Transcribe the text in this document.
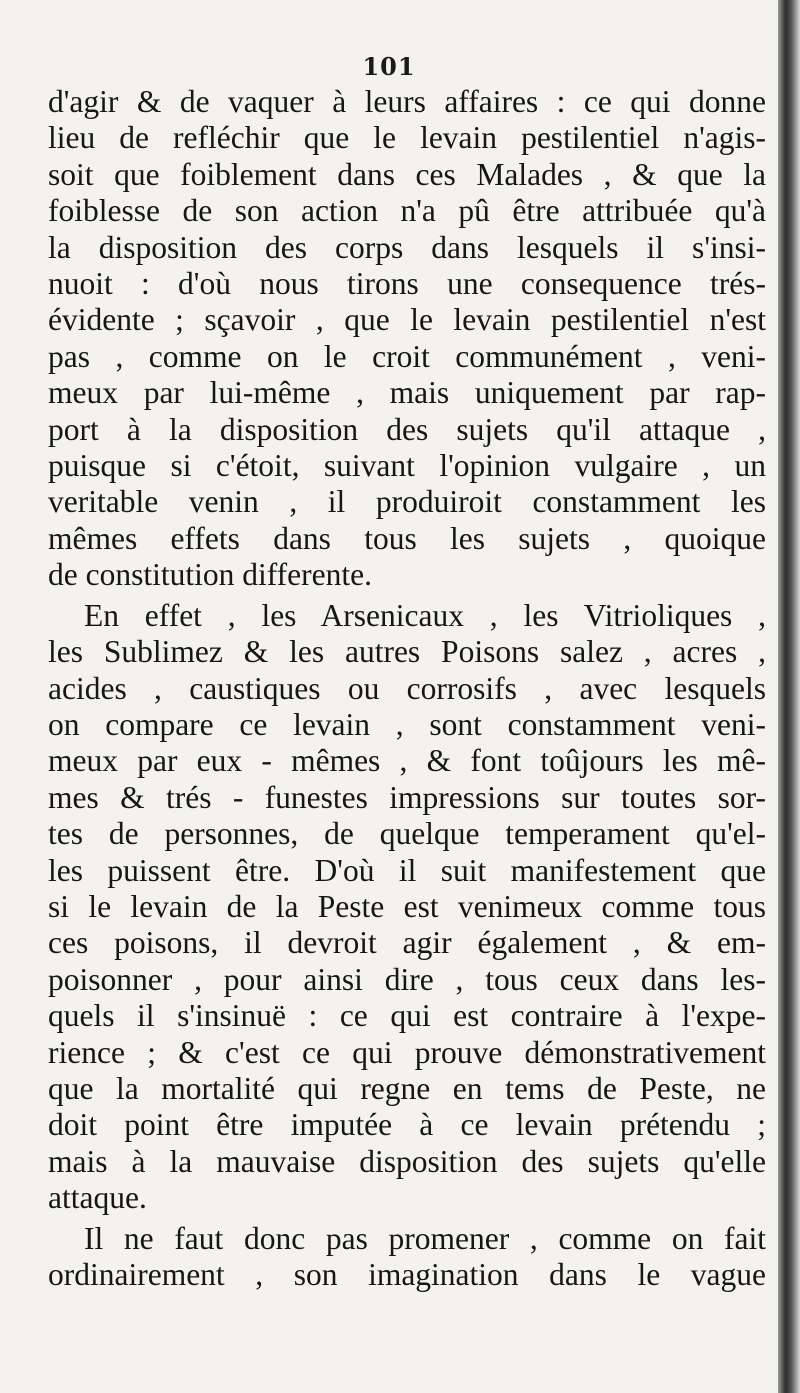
101
d'agir & de vaquer à leurs affaires : ce qui donne
lieu de refléchir que le levain pestilentiel n'agis-
soit que foiblement dans ces Malades , & que la
foiblesse de son action n'a pû être attribuée qu'à
la disposition des corps dans lesquels il s'insi-
nuoit : d'où nous tirons une consequence trés-
évidente ; sçavoir , que le levain pestilentiel n'est
pas , comme on le croit communément , veni-
meux par lui-même , mais uniquement par rap-
port à la disposition des sujets qu'il attaque ,
puisque si c'étoit, suivant l'opinion vulgaire , un
veritable venin , il produiroit constamment les
mêmes effets dans tous les sujets , quoique
de constitution differente.
En effet , les Arsenicaux , les Vitrioliques ,
les Sublimez & les autres Poisons salez , acres ,
acides , caustiques ou corrosifs , avec lesquels
on compare ce levain , sont constamment veni-
meux par eux - mêmes , & font toûjours les mê-
mes & trés - funestes impressions sur toutes sor-
tes de personnes, de quelque temperament qu'el-
les puissent être. D'où il suit manifestement que
si le levain de la Peste est venimeux comme tous
ces poisons, il devroit agir également , & em-
poisonner , pour ainsi dire , tous ceux dans les-
quels il s'insinuë : ce qui est contraire à l'expe-
rience ; & c'est ce qui prouve démonstrativement
que la mortalité qui regne en tems de Peste, ne
doit point être imputée à ce levain prétendu ;
mais à la mauvaise disposition des sujets qu'elle
attaque.
Il ne faut donc pas promener , comme on fait
ordinairement , son imagination dans le vague
